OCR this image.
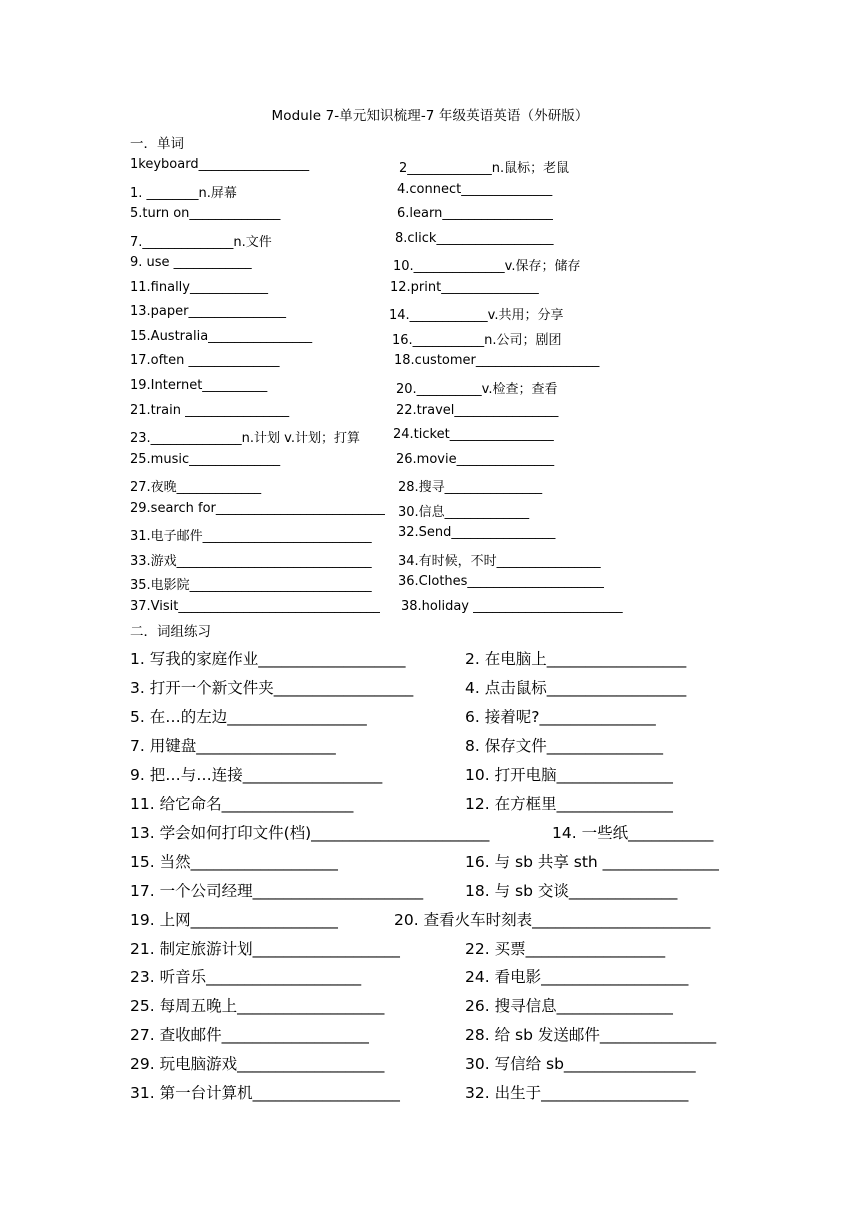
Module 7-单元知识梳理-7 年级英语英语（外研版）
一．单词
1keyboard_________________	2_____________n.鼠标；老鼠
1. ________n.屏幕	4.connect______________
5.turn on______________	6.learn_________________
7.______________n.文件	8.click__________________
9. use ____________	10.______________v.保存；储存
11.finally____________	12.print_______________
13.paper_______________	14.____________v.共用；分享
15.Australia________________	16.___________n.公司；剧团
17.often ______________	18.customer___________________
19.Internet__________	20.__________v.检查；查看
21.train ________________	22.travel________________
23.______________n.计划 v.计划；打算	24.ticket________________
25.music______________	26.movie_______________
27.夜晚_____________	28.搜寻_______________
29.search for__________________________ 30.信息_____________
31.电子邮件__________________________ 32.Send________________
33.游戏______________________________ 34.有时候，不时________________
35.电影院____________________________ 36.Clothes_____________________
37.Visit_______________________________ 38.holiday _______________________
二．词组练习
1. 写我的家庭作业___________________	2. 在电脑上__________________
3. 打开一个新文件夹__________________	4. 点击鼠标__________________
5. 在…的左边__________________	6. 接着呢?_______________
7. 用键盘__________________	8. 保存文件_______________
9. 把…与…连接__________________	10. 打开电脑_______________
11. 给它命名_________________	12. 在方框里_______________
13. 学会如何打印文件(档)_______________________	14. 一些纸___________
15. 当然___________________	16. 与 sb 共享 sth _______________
17. 一个公司经理______________________	18. 与 sb 交谈______________
19. 上网___________________	20. 查看火车时刻表_______________________
21. 制定旅游计划___________________	22. 买票__________________
23. 听音乐____________________	24. 看电影___________________
25. 每周五晚上___________________	26. 搜寻信息_______________
27. 查收邮件___________________	28. 给 sb 发送邮件_______________
29. 玩电脑游戏___________________	30. 写信给 sb_________________
31. 第一台计算机___________________	32. 出生于___________________
